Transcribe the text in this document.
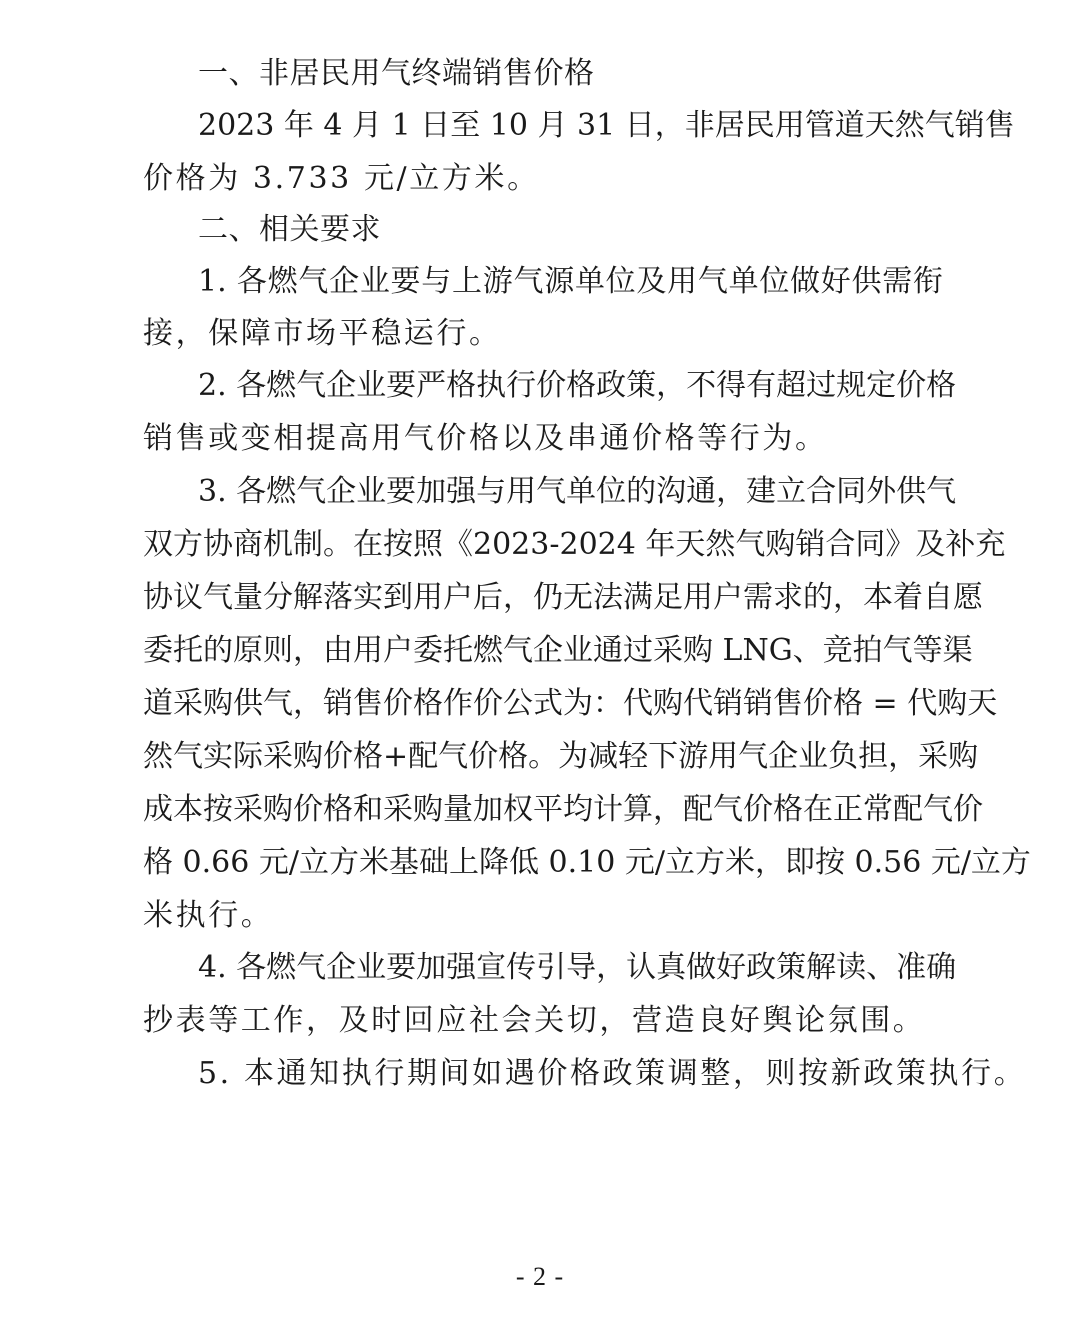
一、非居民用气终端销售价格
2023 年 4 月 1 日至 10 月 31 日，非居民用管道天然气销售
价格为 3.733 元/立方米。
二、相关要求
1. 各燃气企业要与上游气源单位及用气单位做好供需衔
接，保障市场平稳运行。
2. 各燃气企业要严格执行价格政策，不得有超过规定价格
销售或变相提高用气价格以及串通价格等行为。
3. 各燃气企业要加强与用气单位的沟通，建立合同外供气
双方协商机制。在按照《2023-2024 年天然气购销合同》及补充
协议气量分解落实到用户后，仍无法满足用户需求的，本着自愿
委托的原则，由用户委托燃气企业通过采购 LNG、竞拍气等渠
道采购供气，销售价格作价公式为：代购代销销售价格 = 代购天
然气实际采购价格+配气价格。为减轻下游用气企业负担，采购
成本按采购价格和采购量加权平均计算，配气价格在正常配气价
格 0.66 元/立方米基础上降低 0.10 元/立方米，即按 0.56 元/立方
米执行。
4. 各燃气企业要加强宣传引导，认真做好政策解读、准确
抄表等工作，及时回应社会关切，营造良好舆论氛围。
5. 本通知执行期间如遇价格政策调整，则按新政策执行。
- 2 -
